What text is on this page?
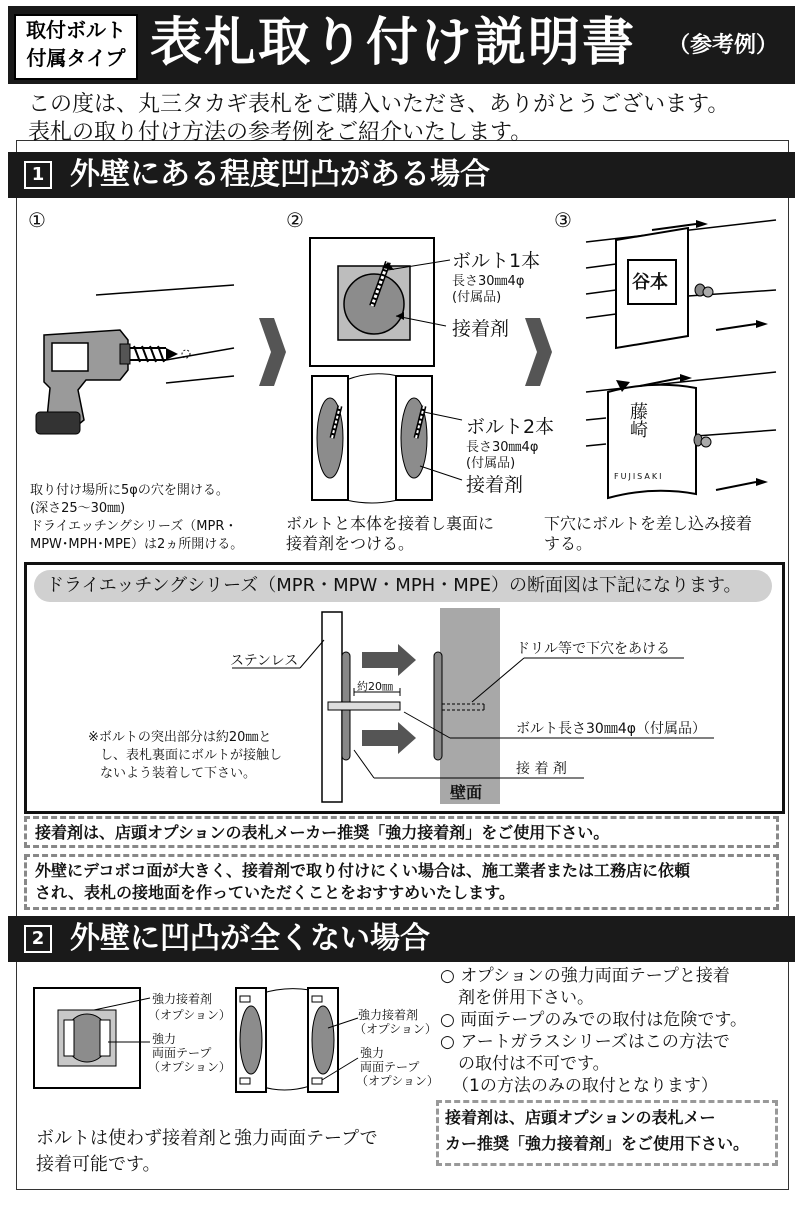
取付ボルト
付属タイプ 表札取り付け説明書 （参考例）
この度は、丸三タカギ表札をご購入いただき、ありがとうございます。
表札の取り付け方法の参考例をご紹介いたします。
1 外壁にある程度凹凸がある場合
①	②	③
谷本
藤崎
FUJISAKI
ボルト1本
長さ30㎜4φ
(付属品)
接着剤
ボルト2本
長さ30㎜4φ
(付属品)
接着剤
取り付け場所に5φの穴を開ける。
(深さ25〜30㎜)
ドライエッチングシリーズ（MPR・
MPW･MPH･MPE）は2ヵ所開ける。
ボルトと本体を接着し裏面に
接着剤をつける。
下穴にボルトを差し込み接着
する。
ドライエッチングシリーズ（MPR・MPW・MPH・MPE）の断面図は下記になります。
ステンレス
約20㎜
ドリル等で下穴をあける
ボルト長さ30㎜4φ（付属品）
接 着 剤
壁面
※ボルトの突出部分は約20㎜と
し、表札裏面にボルトが接触し
ないよう装着して下さい。
接着剤は、店頭オプションの表札メーカー推奨「強力接着剤」をご使用下さい。
外壁にデコボコ面が大きく、接着剤で取り付けにくい場合は、施工業者または工務店に依頼
され、表札の接地面を作っていただくことをおすすめいたします。
2 外壁に凹凸が全くない場合
強力接着剤
（オプション）
強力
両面テープ
（オプション）
強力接着剤
（オプション）
強力
両面テープ
（オプション）
○ オプションの強力両面テープと接着
剤を併用下さい。
○ 両面テープのみでの取付は危険です。
○ アートガラスシリーズはこの方法で
の取付は不可です。
（1の方法のみの取付となります）
ボルトは使わず接着剤と強力両面テープで
接着可能です。
接着剤は、店頭オプションの表札メー
カー推奨「強力接着剤」をご使用下さい。
